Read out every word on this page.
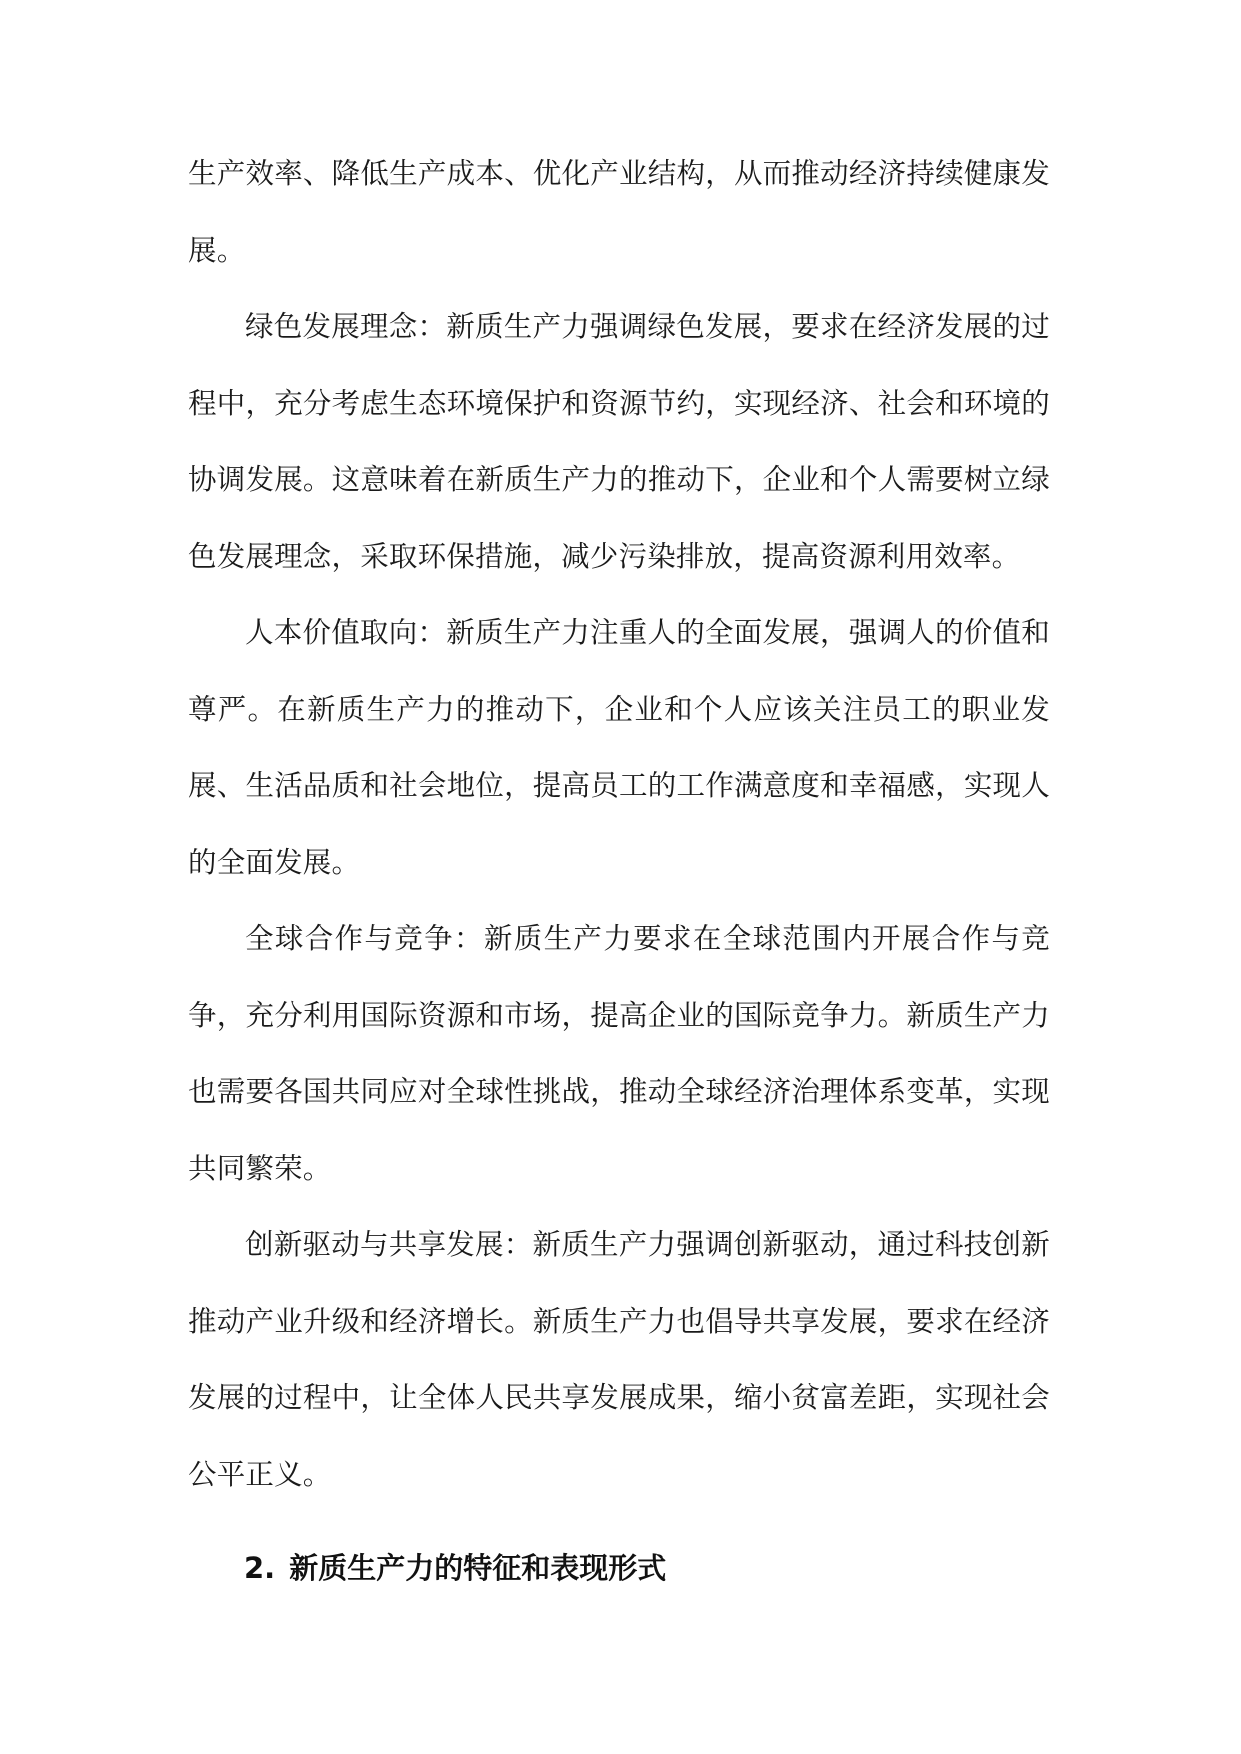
生产效率、降低生产成本、优化产业结构，从而推动经济持续健康发展。

绿色发展理念：新质生产力强调绿色发展，要求在经济发展的过程中，充分考虑生态环境保护和资源节约，实现经济、社会和环境的协调发展。这意味着在新质生产力的推动下，企业和个人需要树立绿色发展理念，采取环保措施，减少污染排放，提高资源利用效率。

人本价值取向：新质生产力注重人的全面发展，强调人的价值和尊严。在新质生产力的推动下，企业和个人应该关注员工的职业发展、生活品质和社会地位，提高员工的工作满意度和幸福感，实现人的全面发展。

全球合作与竞争：新质生产力要求在全球范围内开展合作与竞争，充分利用国际资源和市场，提高企业的国际竞争力。新质生产力也需要各国共同应对全球性挑战，推动全球经济治理体系变革，实现共同繁荣。

创新驱动与共享发展：新质生产力强调创新驱动，通过科技创新推动产业升级和经济增长。新质生产力也倡导共享发展，要求在经济发展的过程中，让全体人民共享发展成果，缩小贫富差距，实现社会公平正义。

2. 新质生产力的特征和表现形式
